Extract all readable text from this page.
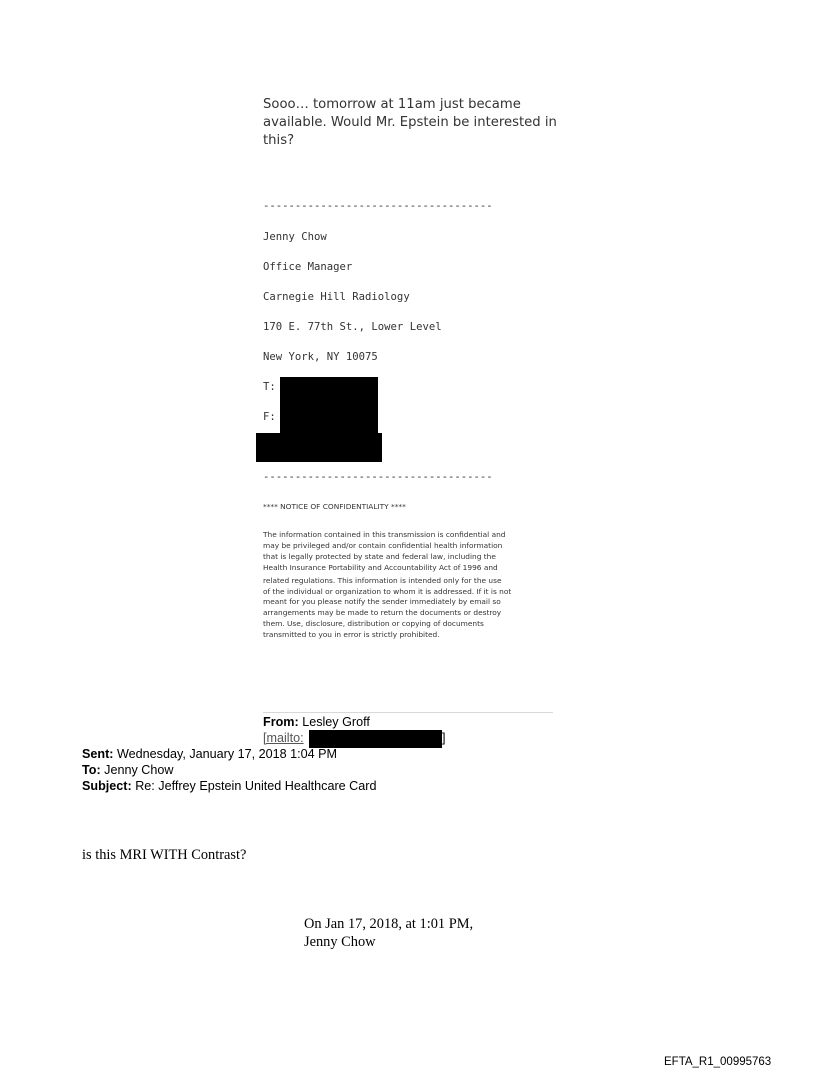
Sooo… tomorrow at 11am just became
available. Would Mr. Epstein be interested in
this?
------------------------------------
Jenny Chow
Office Manager
Carnegie Hill Radiology
170 E. 77th St., Lower Level
New York, NY 10075
T:
F:
------------------------------------
**** NOTICE OF CONFIDENTIALITY ****
The information contained in this transmission is confidential and
may be privileged and/or contain confidential health information
that is legally protected by state and federal law, including the
Health Insurance Portability and Accountability Act of 1996 and
related regulations. This information is intended only for the use
of the individual or organization to whom it is addressed. If it is not
meant for you please notify the sender immediately by email so
arrangements may be made to return the documents or destroy
them. Use, disclosure, distribution or copying of documents
transmitted to you in error is strictly prohibited.
From: Lesley Groff
[mailto:	]
Sent: Wednesday, January 17, 2018 1:04 PM
To: Jenny Chow
Subject: Re: Jeffrey Epstein United Healthcare Card
is this MRI WITH Contrast?
On Jan 17, 2018, at 1:01 PM,
Jenny Chow
EFTA_R1_00995763
